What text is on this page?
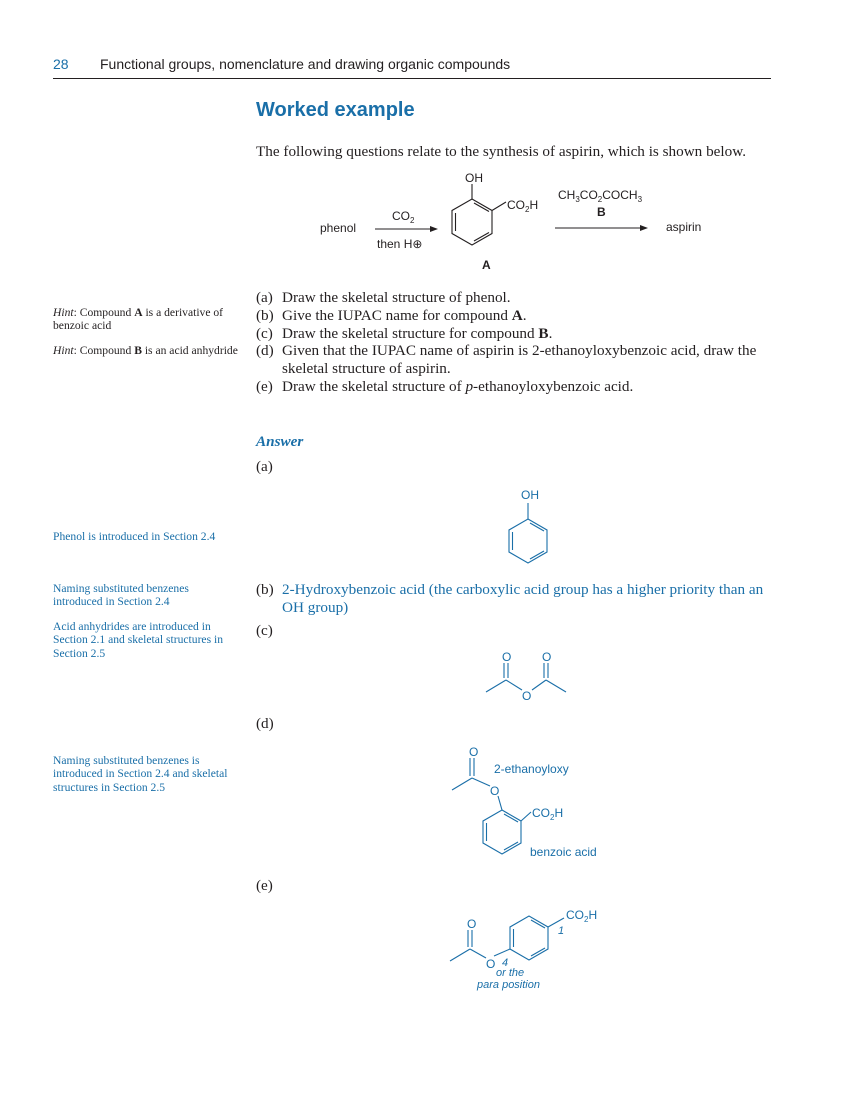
28 Functional groups, nomenclature and drawing organic compounds
Worked example
The following questions relate to the synthesis of aspirin, which is shown below.
phenol
$CO_2$
then H⊕
OH
$CO_2H$
A
$CH_3CO_2COCH_3$
B
aspirin
Hint: Compound A is a derivative of benzoic acid
Hint: Compound B is an acid anhydride
(a) Draw the skeletal structure of phenol.
(b) Give the IUPAC name for compound A.
(c) Draw the skeletal structure for compound B.
(d) Given that the IUPAC name of aspirin is 2-ethanoyloxybenzoic acid, draw the skeletal structure of aspirin.
(e) Draw the skeletal structure of p-ethanoyloxybenzoic acid.
Answer
(a)
OH
Phenol is introduced in Section 2.4
Naming substituted benzenes introduced in Section 2.4
Acid anhydrides are introduced in Section 2.1 and skeletal structures in Section 2.5
Naming substituted benzenes is introduced in Section 2.4 and skeletal structures in Section 2.5
(b) 2-Hydroxybenzoic acid (the carboxylic acid group has a higher priority than an OH group)
(c)
O	O
O
(d)
O
O
2-ethanoyloxy
$CO_2H$
benzoic acid
(e)
O
O
$CO_2H$
1
4
or the
para position
